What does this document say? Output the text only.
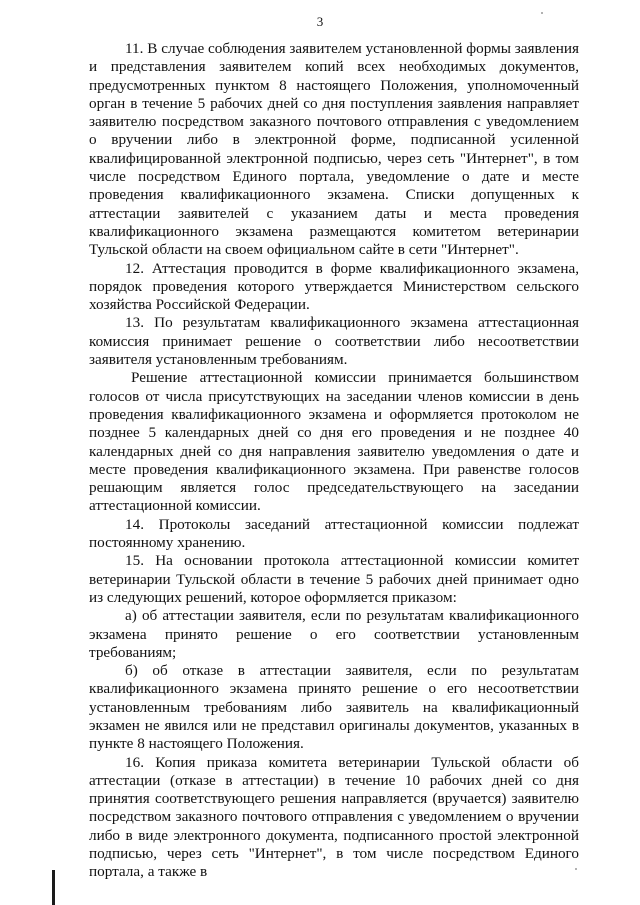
3

11. В случае соблюдения заявителем установленной формы заявления и представления заявителем копий всех необходимых документов, предусмотренных пунктом 8 настоящего Положения, уполномоченный орган в течение 5 рабочих дней со дня поступления заявления направляет заявителю посредством заказного почтового отправления с уведомлением о вручении либо в электронной форме, подписанной усиленной квалифицированной электронной подписью, через сеть "Интернет", в том числе посредством Единого портала, уведомление о дате и месте проведения квалификационного экзамена. Списки допущенных к аттестации заявителей с указанием даты и места проведения квалификационного экзамена размещаются комитетом ветеринарии Тульской области на своем официальном сайте в сети "Интернет".

12. Аттестация проводится в форме квалификационного экзамена, порядок проведения которого утверждается Министерством сельского хозяйства Российской Федерации.

13. По результатам квалификационного экзамена аттестационная комиссия принимает решение о соответствии либо несоответствии заявителя установленным требованиям.

Решение аттестационной комиссии принимается большинством голосов от числа присутствующих на заседании членов комиссии в день проведения квалификационного экзамена и оформляется протоколом не позднее 5 календарных дней со дня его проведения и не позднее 40 календарных дней со дня направления заявителю уведомления о дате и месте проведения квалификационного экзамена. При равенстве голосов решающим является голос председательствующего на заседании аттестационной комиссии.

14. Протоколы заседаний аттестационной комиссии подлежат постоянному хранению.

15. На основании протокола аттестационной комиссии комитет ветеринарии Тульской области в течение 5 рабочих дней принимает одно из следующих решений, которое оформляется приказом:

а) об аттестации заявителя, если по результатам квалификационного экзамена принято решение о его соответствии установленным требованиям;

б) об отказе в аттестации заявителя, если по результатам квалификационного экзамена принято решение о его несоответствии установленным требованиям либо заявитель на квалификационный экзамен не явился или не представил оригиналы документов, указанных в пункте 8 настоящего Положения.

16. Копия приказа комитета ветеринарии Тульской области об аттестации (отказе в аттестации) в течение 10 рабочих дней со дня принятия соответствующего решения направляется (вручается) заявителю посредством заказного почтового отправления с уведомлением о вручении либо в виде электронного документа, подписанного простой электронной подписью, через сеть "Интернет", в том числе посредством Единого портала, а также в
